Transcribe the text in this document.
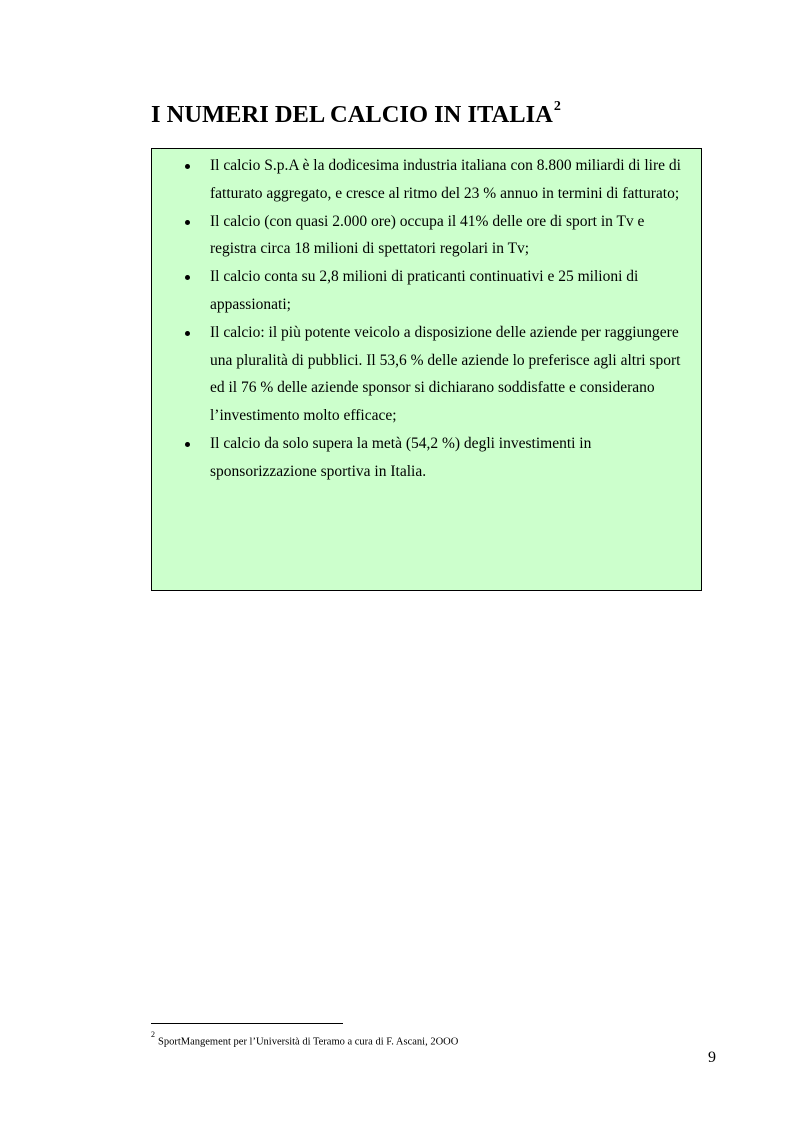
I NUMERI DEL CALCIO IN ITALIA$^2$
Il calcio S.p.A è la dodicesima industria italiana con 8.800 miliardi di lire di fatturato aggregato, e cresce al ritmo del 23 % annuo in termini di fatturato;
Il calcio (con quasi 2.000 ore) occupa il 41% delle ore di sport in Tv e registra circa 18 milioni di spettatori regolari in Tv;
Il calcio conta su 2,8 milioni di praticanti continuativi e 25 milioni di appassionati;
Il calcio: il più potente veicolo a disposizione delle aziende per raggiungere una pluralità di pubblici. Il 53,6 % delle aziende lo preferisce agli altri sport ed il 76 % delle aziende sponsor si dichiarano soddisfatte e considerano l’investimento molto efficace;
Il calcio da solo supera la metà (54,2 %) degli investimenti in sponsorizzazione sportiva in Italia.
$^2$SportMangement per l’Università di Teramo a cura di F. Ascani, 2OOO
9
